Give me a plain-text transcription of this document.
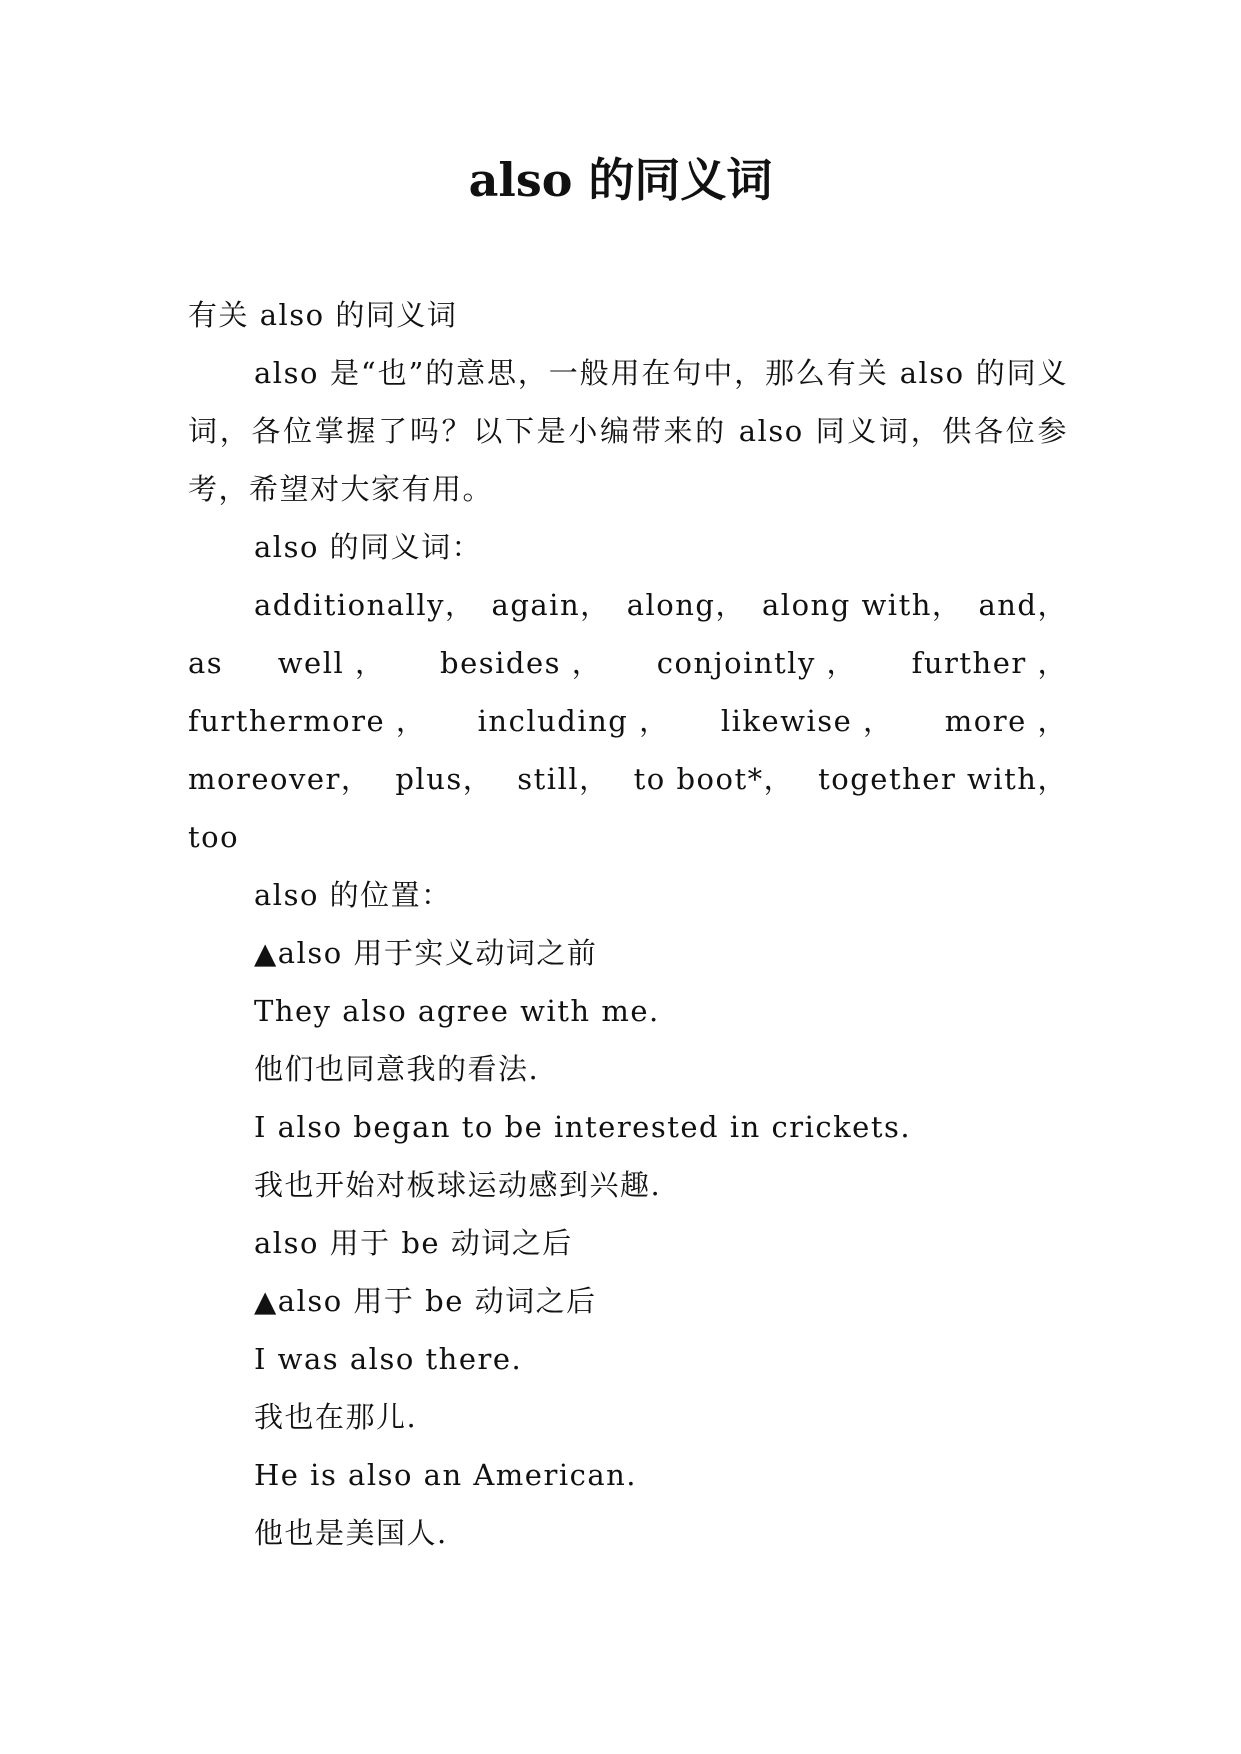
also 的同义词

有关 also 的同义词

also 是“也”的意思，一般用在句中，那么有关 also 的同义词，各位掌握了吗？以下是小编带来的 also 同义词，供各位参考，希望对大家有用。

also 的同义词：

additionally， again， along， along with， and，
as well ， besides ， conjointly ， further ，
furthermore ， including ， likewise ， more ，
moreover， plus， still， to boot*， together with，
too

also 的位置：

▲also 用于实义动词之前

They also agree with me.

他们也同意我的看法.

I also began to be interested in crickets.

我也开始对板球运动感到兴趣.

also 用于 be 动词之后

▲also 用于 be 动词之后

I was also there.

我也在那儿.

He is also an American.

他也是美国人.
